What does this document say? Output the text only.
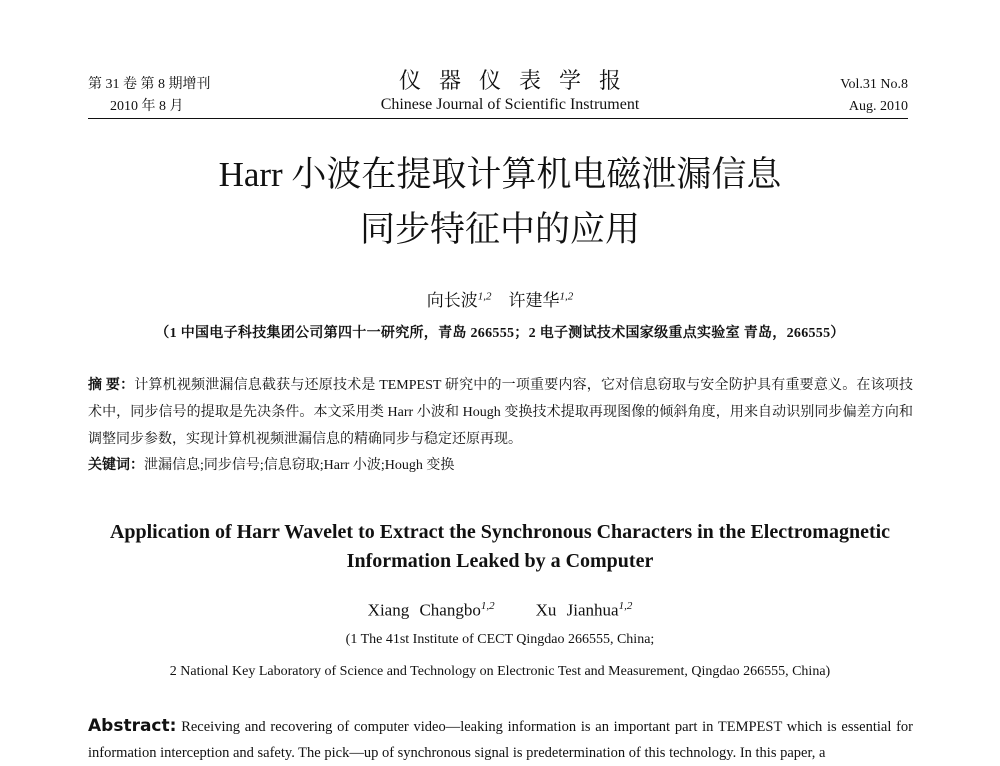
第 31 卷 第 8 期增刊
2010 年 8 月
仪器仪表学报
Chinese Journal of Scientific Instrument
Vol.31 No.8
Aug. 2010
Harr 小波在提取计算机电磁泄漏信息
同步特征中的应用
向长波$^{1,2}$ 许建华$^{1,2}$
（1 中国电子科技集团公司第四十一研究所，青岛 266555；2 电子测试技术国家级重点实验室 青岛，266555）
摘 要：计算机视频泄漏信息截获与还原技术是 TEMPEST 研究中的一项重要内容，它对信息窃取与安全防护具有重要意义。在该项技术中，同步信号的提取是先决条件。本文采用类 Harr 小波和 Hough 变换技术提取再现图像的倾斜角度，用来自动识别同步偏差方向和调整同步参数，实现计算机视频泄漏信息的精确同步与稳定还原再现。
关键词：泄漏信息;同步信号;信息窃取;Harr 小波;Hough 变换
Application of Harr Wavelet to Extract the Synchronous Characters in the Electromagnetic Information Leaked by a Computer
Xiang Changbo$^{1,2}$ Xu Jianhua$^{1,2}$
(1 The 41st Institute of CECT Qingdao 266555, China;
2 National Key Laboratory of Science and Technology on Electronic Test and Measurement, Qingdao 266555, China)
Abstract: Receiving and recovering of computer video—leaking information is an important part in TEMPEST which is essential for information interception and safety. The pick—up of synchronous signal is predetermination of this technology. In this paper, a
